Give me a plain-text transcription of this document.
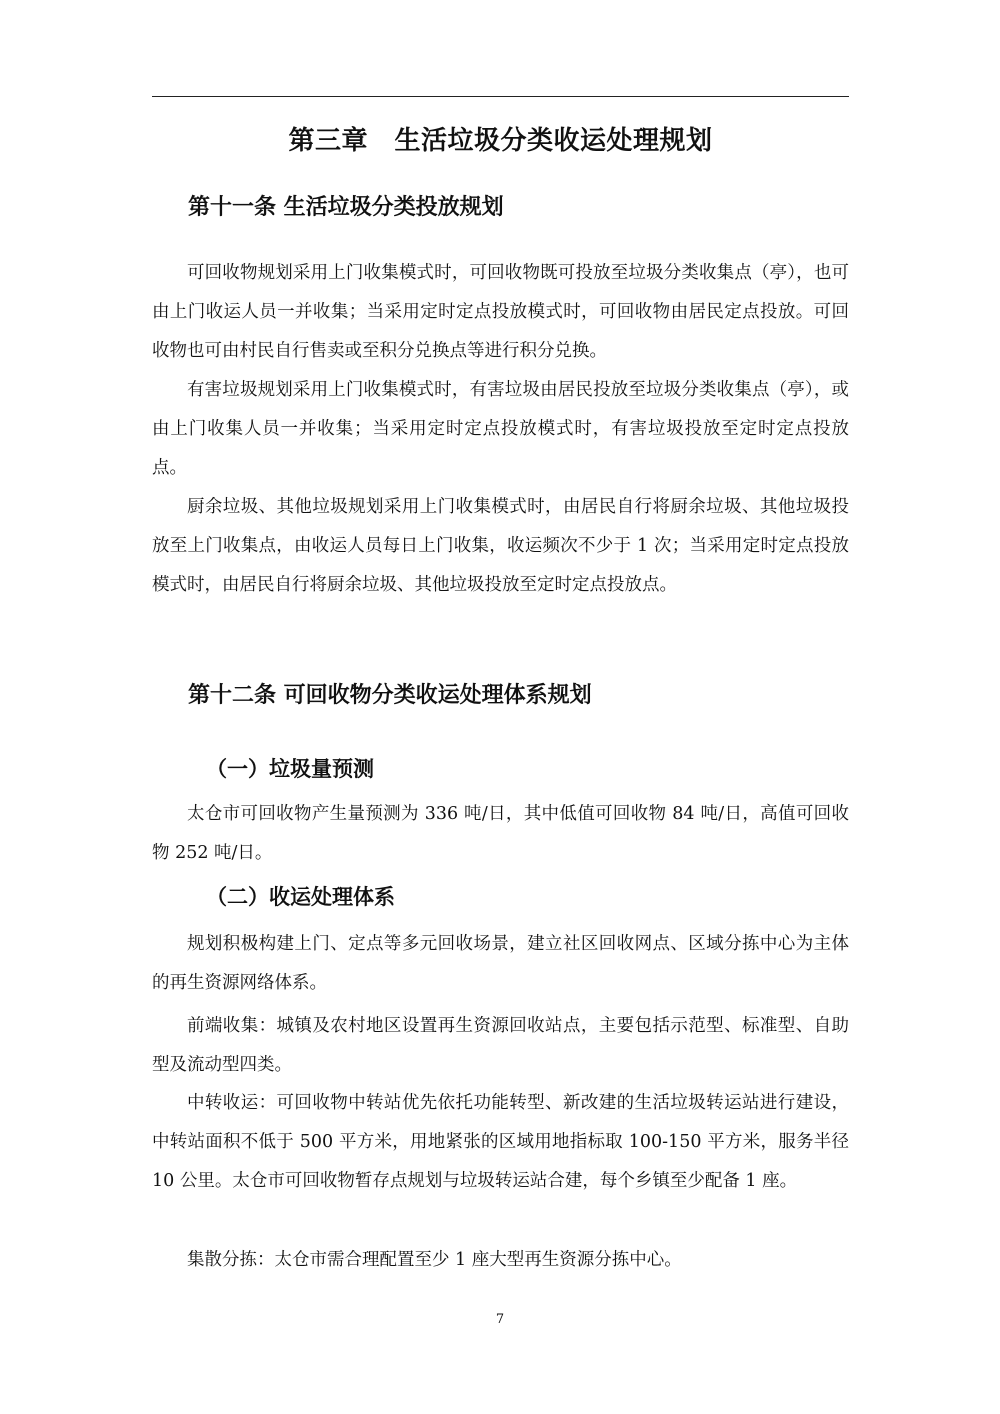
第三章　生活垃圾分类收运处理规划
第十一条 生活垃圾分类投放规划

可回收物规划采用上门收集模式时，可回收物既可投放至垃圾分类收集点（亭），也可由上门收运人员一并收集；当采用定时定点投放模式时，可回收物由居民定点投放。可回收物也可由村民自行售卖或至积分兑换点等进行积分兑换。

有害垃圾规划采用上门收集模式时，有害垃圾由居民投放至垃圾分类收集点（亭），或由上门收集人员一并收集；当采用定时定点投放模式时，有害垃圾投放至定时定点投放点。

厨余垃圾、其他垃圾规划采用上门收集模式时，由居民自行将厨余垃圾、其他垃圾投放至上门收集点，由收运人员每日上门收集，收运频次不少于 1 次；当采用定时定点投放模式时，由居民自行将厨余垃圾、其他垃圾投放至定时定点投放点。

第十二条 可回收物分类收运处理体系规划
（一）垃圾量预测

太仓市可回收物产生量预测为 336 吨/日，其中低值可回收物 84 吨/日，高值可回收物 252 吨/日。

（二）收运处理体系

规划积极构建上门、定点等多元回收场景，建立社区回收网点、区域分拣中心为主体的再生资源网络体系。

前端收集：城镇及农村地区设置再生资源回收站点，主要包括示范型、标准型、自助型及流动型四类。

中转收运：可回收物中转站优先依托功能转型、新改建的生活垃圾转运站进行建设，中转站面积不低于 500 平方米，用地紧张的区域用地指标取 100-150 平方米，服务半径 10 公里。太仓市可回收物暂存点规划与垃圾转运站合建，每个乡镇至少配备 1 座。

集散分拣：太仓市需合理配置至少 1 座大型再生资源分拣中心。

7
